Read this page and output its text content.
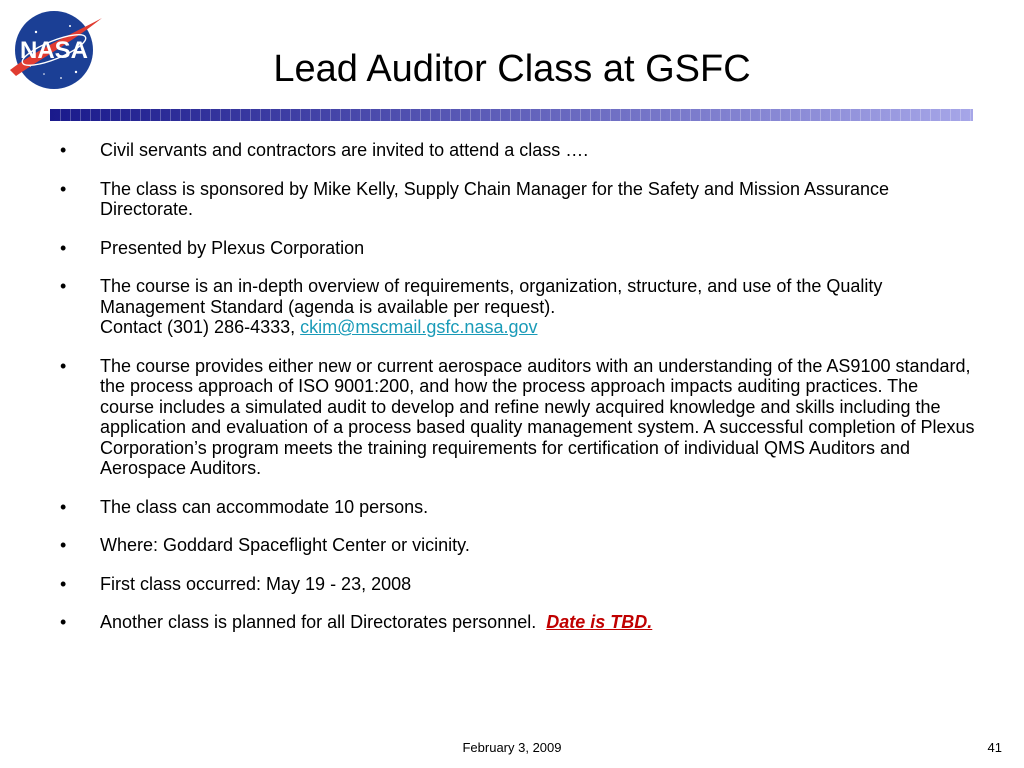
NASA	Lead Auditor Class at GSFC
• Civil servants and contractors are invited to attend a class ….
• The class is sponsored by Mike Kelly, Supply Chain Manager for the Safety and Mission Assurance Directorate.
• Presented by Plexus Corporation
• The course is an in-depth overview of requirements, organization, structure, and use of the Quality Management Standard (agenda is available per request).
Contact (301) 286-4333, ckim@mscmail.gsfc.nasa.gov
• The course provides either new or current aerospace auditors with an understanding of the AS9100 standard, the process approach of ISO 9001:200, and how the process approach impacts auditing practices. The course includes a simulated audit to develop and refine newly acquired knowledge and skills including the application and evaluation of a process based quality management system. A successful completion of Plexus Corporation’s program meets the training requirements for certification of individual QMS Auditors and Aerospace Auditors.
• The class can accommodate 10 persons.
• Where: Goddard Spaceflight Center or vicinity.
• First class occurred: May 19 - 23, 2008
• Another class is planned for all Directorates personnel. Date is TBD.
February 3, 2009	41
